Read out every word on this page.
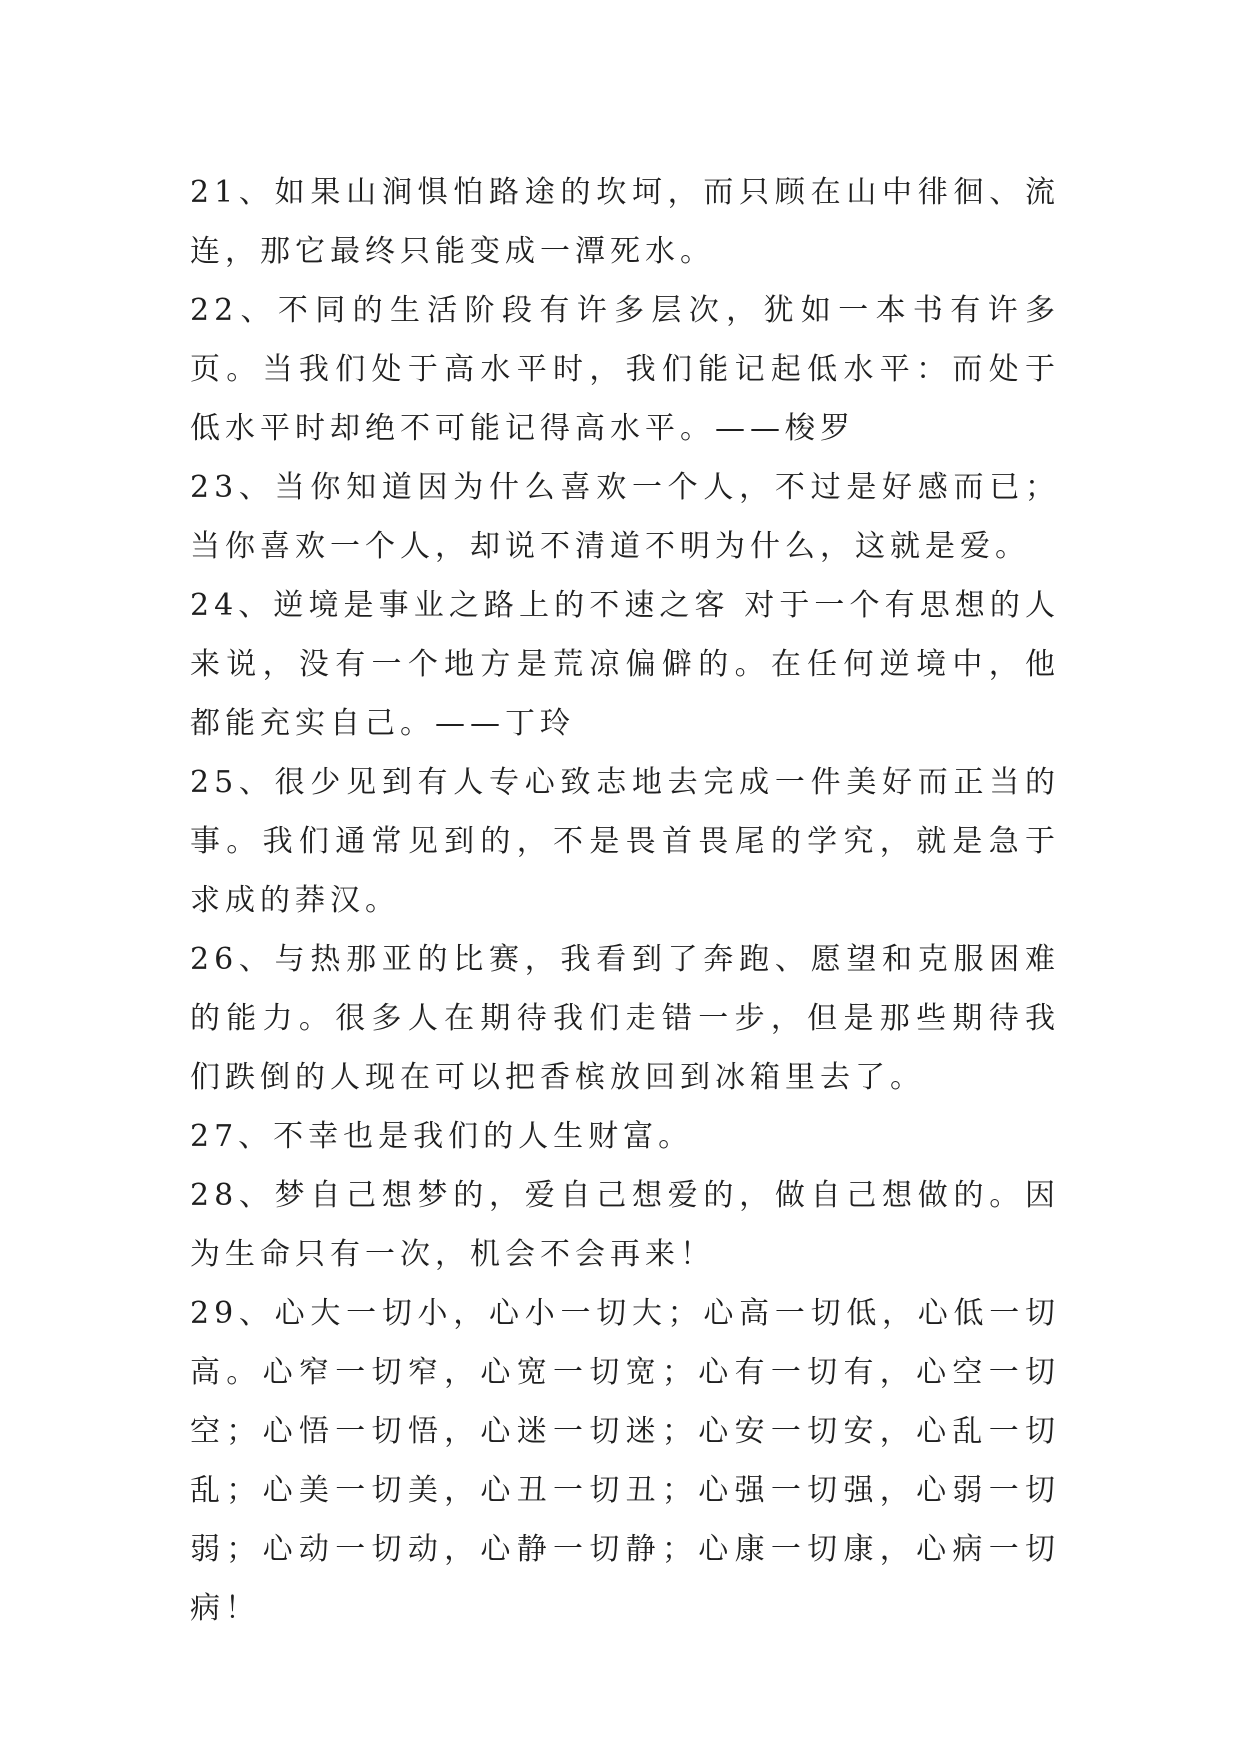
21、如果山涧惧怕路途的坎坷，而只顾在山中徘徊、流连，那它最终只能变成一潭死水。

22、不同的生活阶段有许多层次，犹如一本书有许多页。当我们处于高水平时，我们能记起低水平：而处于低水平时却绝不可能记得高水平。——梭罗

23、当你知道因为什么喜欢一个人，不过是好感而已；当你喜欢一个人，却说不清道不明为什么，这就是爱。

24、逆境是事业之路上的不速之客 对于一个有思想的人来说，没有一个地方是荒凉偏僻的。在任何逆境中，他都能充实自己。——丁玲

25、很少见到有人专心致志地去完成一件美好而正当的事。我们通常见到的，不是畏首畏尾的学究，就是急于求成的莽汉。

26、与热那亚的比赛，我看到了奔跑、愿望和克服困难的能力。很多人在期待我们走错一步，但是那些期待我们跌倒的人现在可以把香槟放回到冰箱里去了。

27、不幸也是我们的人生财富。

28、梦自己想梦的，爱自己想爱的，做自己想做的。因为生命只有一次，机会不会再来！

29、心大一切小，心小一切大；心高一切低，心低一切高。心窄一切窄，心宽一切宽；心有一切有，心空一切空；心悟一切悟，心迷一切迷；心安一切安，心乱一切乱；心美一切美，心丑一切丑；心强一切强，心弱一切弱；心动一切动，心静一切静；心康一切康，心病一切病！
